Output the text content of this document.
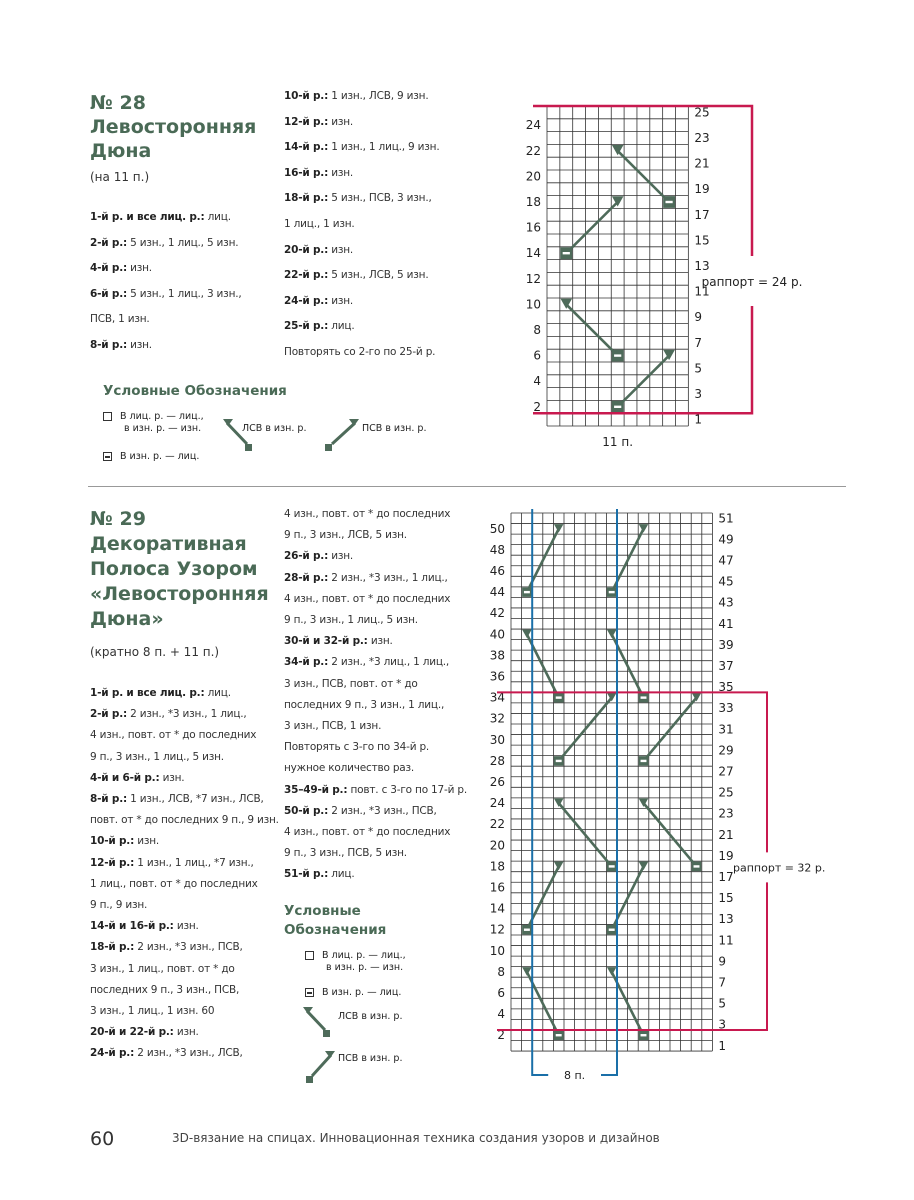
№ 28
Левосторонняя
Дюна
(на 11 п.)
1-й р. и все лиц. р.: лиц.
2-й р.: 5 изн., 1 лиц., 5 изн.
4-й р.: изн.
6-й р.: 5 изн., 1 лиц., 3 изн.,
ПСВ, 1 изн.
8-й р.: изн.
10-й р.: 1 изн., ЛСВ, 9 изн.
12-й р.: изн.
14-й р.: 1 изн., 1 лиц., 9 изн.
16-й р.: изн.
18-й р.: 5 изн., ПСВ, 3 изн.,
1 лиц., 1 изн.
20-й р.: изн.
22-й р.: 5 изн., ЛСВ, 5 изн.
24-й р.: изн.
25-й р.: лиц.
Повторять со 2-го по 25-й р.
Условные Обозначения
В лиц. р. — лиц.,
в изн. р. — изн.
В изн. р. — лиц.
ЛСВ в изн. р.	ПСВ в изн. р.
2
4
6
8
10
12
14
16
18
20
22
24
1
3
5
7
9
11
13
15
17
19
21
23
25
раппорт = 24 р.
11 п.
№ 29
Декоративная
Полоса Узором
«Левосторонняя
Дюна»
(кратно 8 п. + 11 п.)
1-й р. и все лиц. р.: лиц.
2-й р.: 2 изн., *3 изн., 1 лиц.,
4 изн., повт. от * до последних
9 п., 3 изн., 1 лиц., 5 изн.
4-й и 6-й р.: изн.
8-й р.: 1 изн., ЛСВ, *7 изн., ЛСВ,
повт. от * до последних 9 п., 9 изн.
10-й р.: изн.
12-й р.: 1 изн., 1 лиц., *7 изн.,
1 лиц., повт. от * до последних
9 п., 9 изн.
14-й и 16-й р.: изн.
18-й р.: 2 изн., *3 изн., ПСВ,
3 изн., 1 лиц., повт. от * до
последних 9 п., 3 изн., ПСВ,
3 изн., 1 лиц., 1 изн. 60
20-й и 22-й р.: изн.
24-й р.: 2 изн., *3 изн., ЛСВ,
4 изн., повт. от * до последних
9 п., 3 изн., ЛСВ, 5 изн.
26-й р.: изн.
28-й р.: 2 изн., *3 изн., 1 лиц.,
4 изн., повт. от * до последних
9 п., 3 изн., 1 лиц., 5 изн.
30-й и 32-й р.: изн.
34-й р.: 2 изн., *3 лиц., 1 лиц.,
3 изн., ПСВ, повт. от * до
последних 9 п., 3 изн., 1 лиц.,
3 изн., ПСВ, 1 изн.
Повторять с 3-го по 34-й р.
нужное количество раз.
35–49-й р.: повт. с 3-го по 17-й р.
50-й р.: 2 изн., *3 изн., ПСВ,
4 изн., повт. от * до последних
9 п., 3 изн., ПСВ, 5 изн.
51-й р.: лиц.
Условные
Обозначения
В лиц. р. — лиц.,
в изн. р. — изн.
В изн. р. — лиц.
ЛСВ в изн. р.
ПСВ в изн. р.
2
4
6
8
10
12
14
16
18
20
22
24
26
28
30
32
34
36
38
40
42
44
46
48
50
1
3
5
7
9
11
13
15
17
19
21
23
25
27
29
31
33
35
37
39
41
43
45
47
49
51
раппорт = 32 р.
8 п.
60	3D-вязание на спицах. Инновационная техника создания узоров и дизайнов
